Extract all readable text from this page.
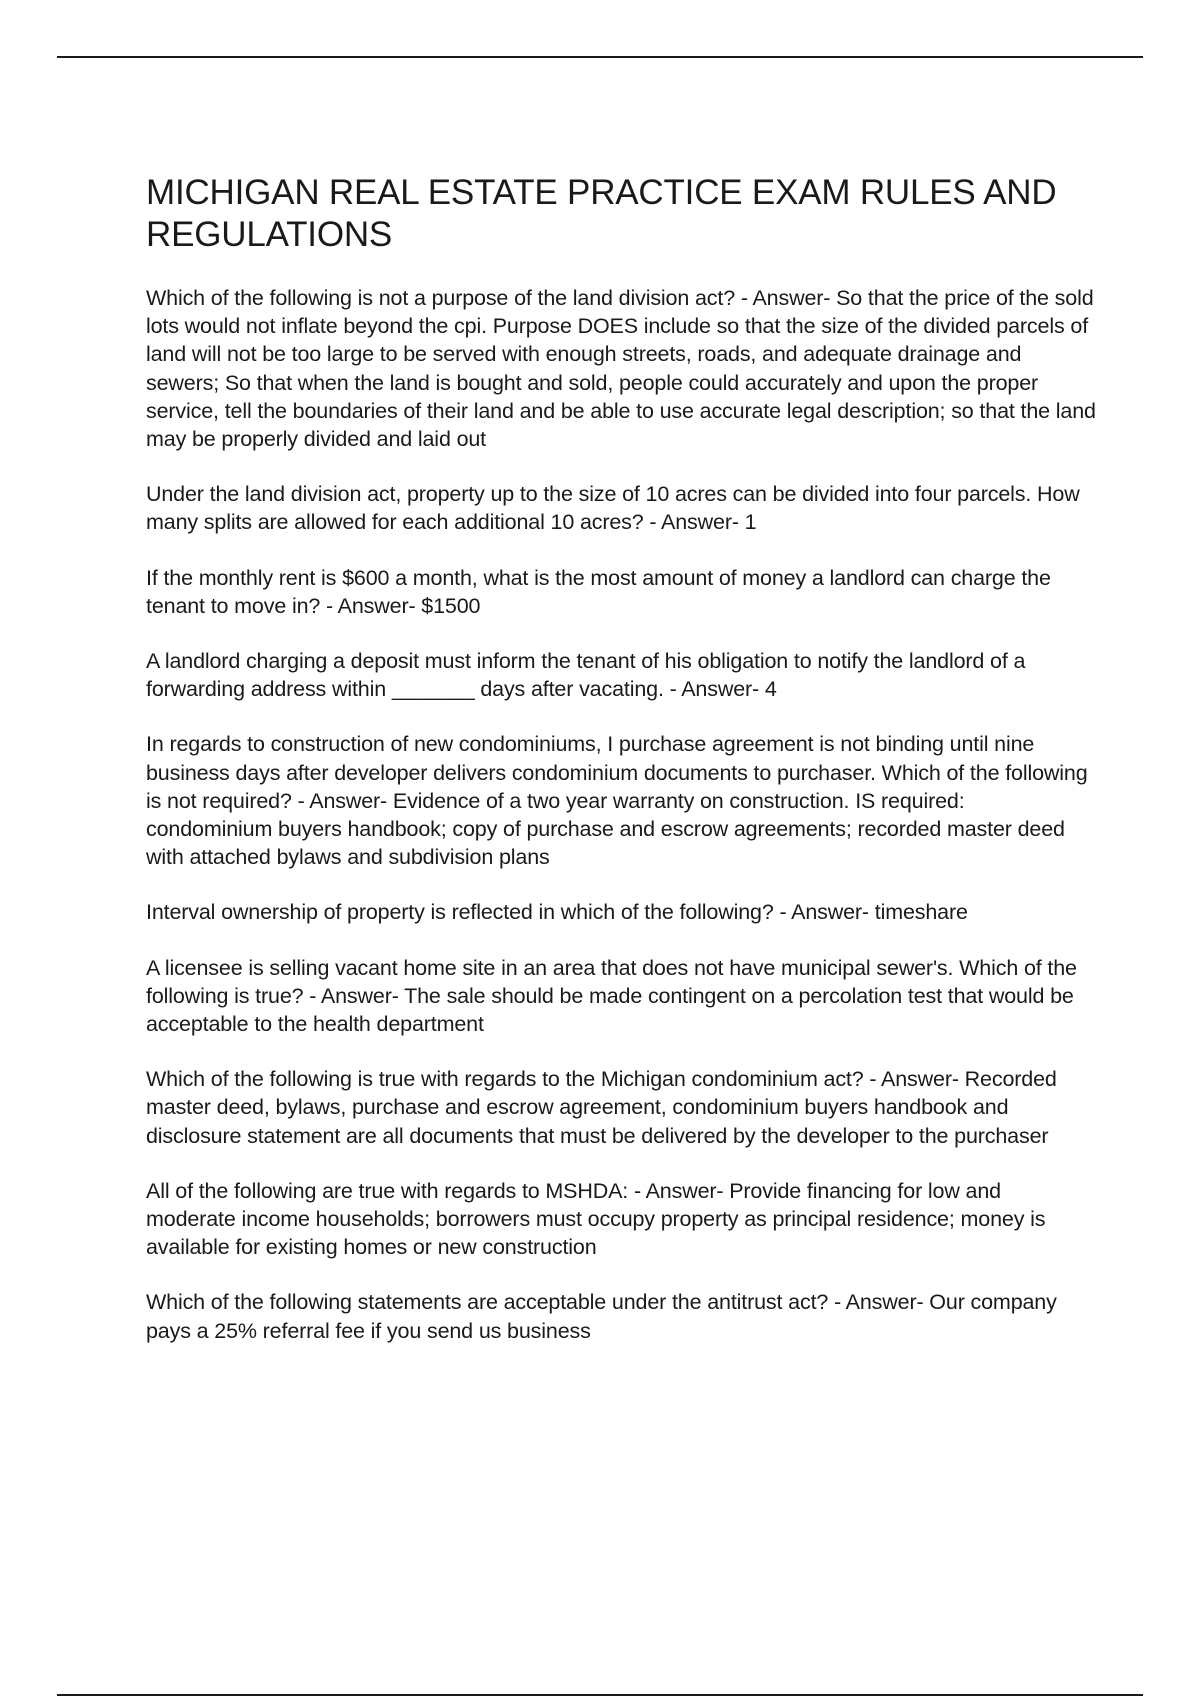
MICHIGAN REAL ESTATE PRACTICE EXAM RULES AND REGULATIONS

Which of the following is not a purpose of the land division act? - Answer- So that the price of the sold lots would not inflate beyond the cpi. Purpose DOES include so that the size of the divided parcels of land will not be too large to be served with enough streets, roads, and adequate drainage and sewers; So that when the land is bought and sold, people could accurately and upon the proper service, tell the boundaries of their land and be able to use accurate legal description; so that the land may be properly divided and laid out

Under the land division act, property up to the size of 10 acres can be divided into four parcels. How many splits are allowed for each additional 10 acres? - Answer- 1

If the monthly rent is $600 a month, what is the most amount of money a landlord can charge the tenant to move in? - Answer- $1500

A landlord charging a deposit must inform the tenant of his obligation to notify the landlord of a forwarding address within _______ days after vacating. - Answer- 4

In regards to construction of new condominiums, I purchase agreement is not binding until nine business days after developer delivers condominium documents to purchaser. Which of the following is not required? - Answer- Evidence of a two year warranty on construction. IS required: condominium buyers handbook; copy of purchase and escrow agreements; recorded master deed with attached bylaws and subdivision plans

Interval ownership of property is reflected in which of the following? - Answer- timeshare

A licensee is selling vacant home site in an area that does not have municipal sewer's. Which of the following is true? - Answer- The sale should be made contingent on a percolation test that would be acceptable to the health department

Which of the following is true with regards to the Michigan condominium act? - Answer- Recorded master deed, bylaws, purchase and escrow agreement, condominium buyers handbook and disclosure statement are all documents that must be delivered by the developer to the purchaser

All of the following are true with regards to MSHDA: - Answer- Provide financing for low and moderate income households; borrowers must occupy property as principal residence; money is available for existing homes or new construction

Which of the following statements are acceptable under the antitrust act? - Answer- Our company pays a 25% referral fee if you send us business
